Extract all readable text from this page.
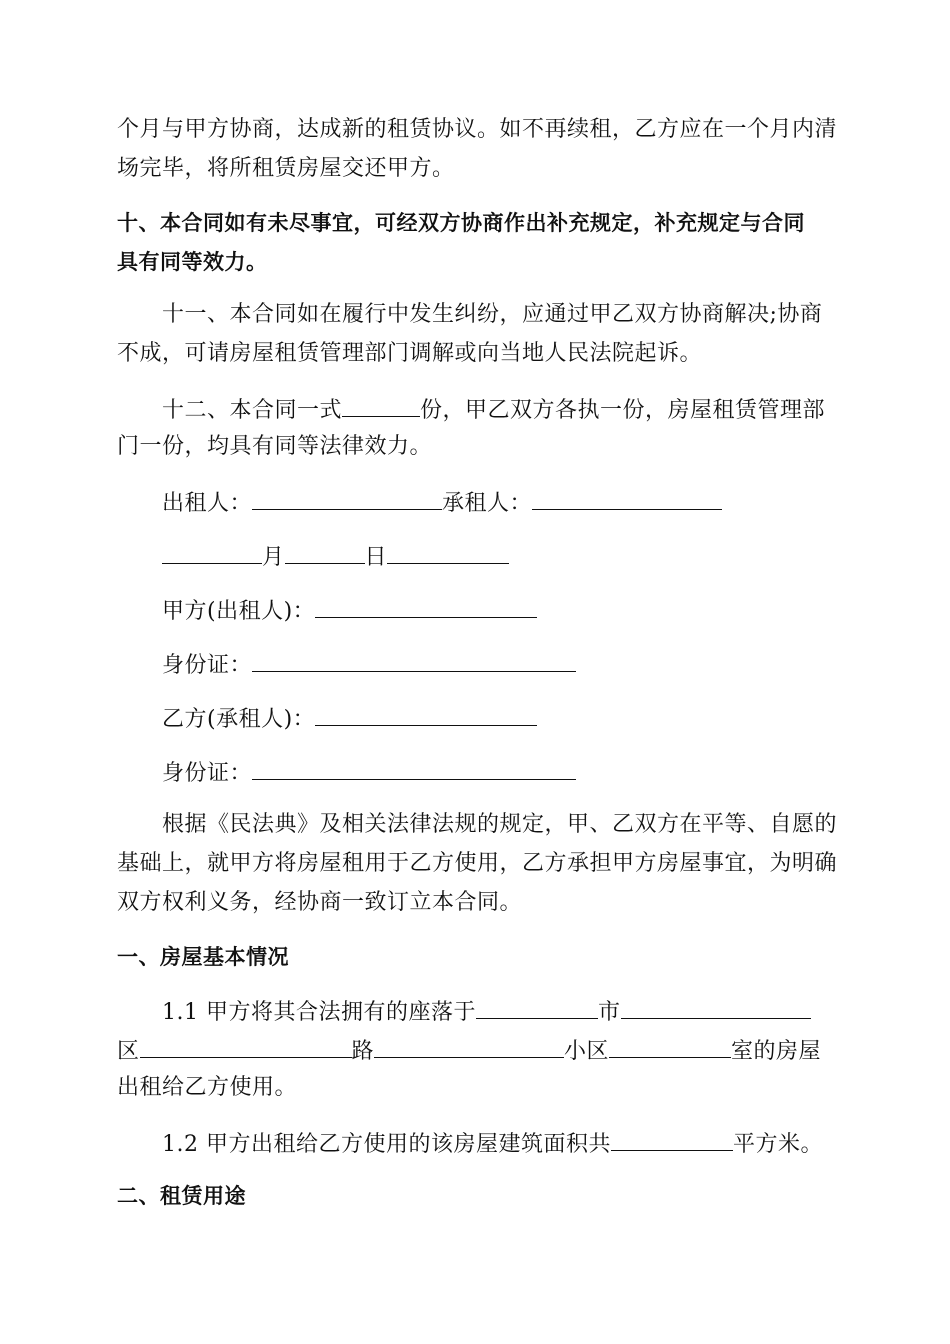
个月与甲方协商，达成新的租赁协议。如不再续租，乙方应在一个月内清
场完毕，将所租赁房屋交还甲方。
十、本合同如有未尽事宜，可经双方协商作出补充规定，补充规定与合同
具有同等效力。
十一、本合同如在履行中发生纠纷，应通过甲乙双方协商解决;协商
不成，可请房屋租赁管理部门调解或向当地人民法院起诉。
十二、本合同一式	份，甲乙双方各执一份，房屋租赁管理部
门一份，均具有同等法律效力。
出租人：	承租人：
月	日
甲方(出租人)：
身份证：
乙方(承租人)：
身份证：
根据《民法典》及相关法律法规的规定，甲、乙双方在平等、自愿的
基础上，就甲方将房屋租用于乙方使用，乙方承担甲方房屋事宜，为明确
双方权利义务，经协商一致订立本合同。
一、房屋基本情况
1.1 甲方将其合法拥有的座落于	市
区	路	小区	室的房屋
出租给乙方使用。
1.2 甲方出租给乙方使用的该房屋建筑面积共	平方米。
二、租赁用途
